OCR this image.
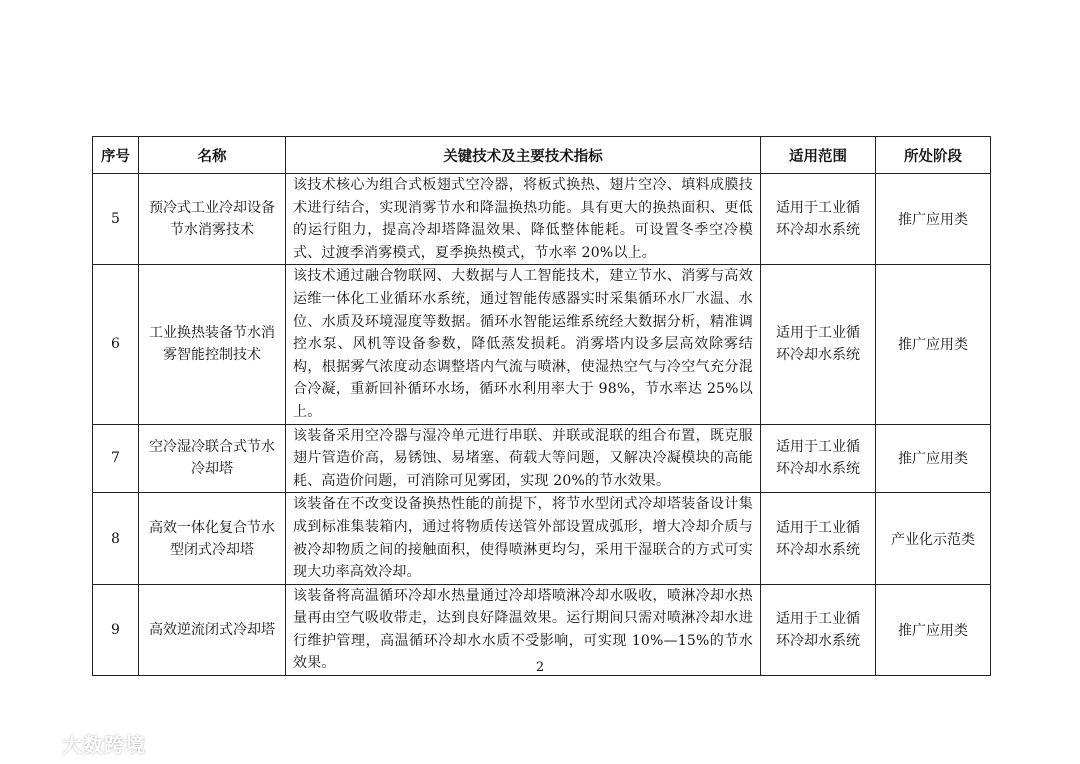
序号	名称	关键技术及主要技术指标	适用范围	所处阶段
5	预冷式工业冷却设备节水消雾技术	该技术核心为组合式板翅式空冷器，将板式换热、翅片空冷、填料成膜技术进行结合，实现消雾节水和降温换热功能。具有更大的换热面积、更低的运行阻力，提高冷却塔降温效果、降低整体能耗。可设置冬季空冷模式、过渡季消雾模式，夏季换热模式，节水率 20%以上。	适用于工业循环冷却水系统	推广应用类
6	工业换热装备节水消雾智能控制技术	该技术通过融合物联网、大数据与人工智能技术，建立节水、消雾与高效运维一体化工业循环水系统，通过智能传感器实时采集循环水厂水温、水位、水质及环境湿度等数据。循环水智能运维系统经大数据分析，精准调控水泵、风机等设备参数，降低蒸发损耗。消雾塔内设多层高效除雾结构，根据雾气浓度动态调整塔内气流与喷淋，使湿热空气与冷空气充分混合冷凝，重新回补循环水场，循环水利用率大于 98%，节水率达 25%以上。	适用于工业循环冷却水系统	推广应用类
7	空冷湿冷联合式节水冷却塔	该装备采用空冷器与湿冷单元进行串联、并联或混联的组合布置，既克服翅片管造价高，易锈蚀、易堵塞、荷载大等问题，又解决冷凝模块的高能耗、高造价问题，可消除可见雾团，实现 20%的节水效果。	适用于工业循环冷却水系统	推广应用类
8	高效一体化复合节水型闭式冷却塔	该装备在不改变设备换热性能的前提下，将节水型闭式冷却塔装备设计集成到标准集装箱内，通过将物质传送管外部设置成弧形，增大冷却介质与被冷却物质之间的接触面积，使得喷淋更均匀，采用干湿联合的方式可实现大功率高效冷却。	适用于工业循环冷却水系统	产业化示范类
9	高效逆流闭式冷却塔	该装备将高温循环冷却水热量通过冷却塔喷淋冷却水吸收，喷淋冷却水热量再由空气吸收带走，达到良好降温效果。运行期间只需对喷淋冷却水进行维护管理，高温循环冷却水水质不受影响，可实现 10%—15%的节水效果。	适用于工业循环冷却水系统	推广应用类
2
大数跨境
